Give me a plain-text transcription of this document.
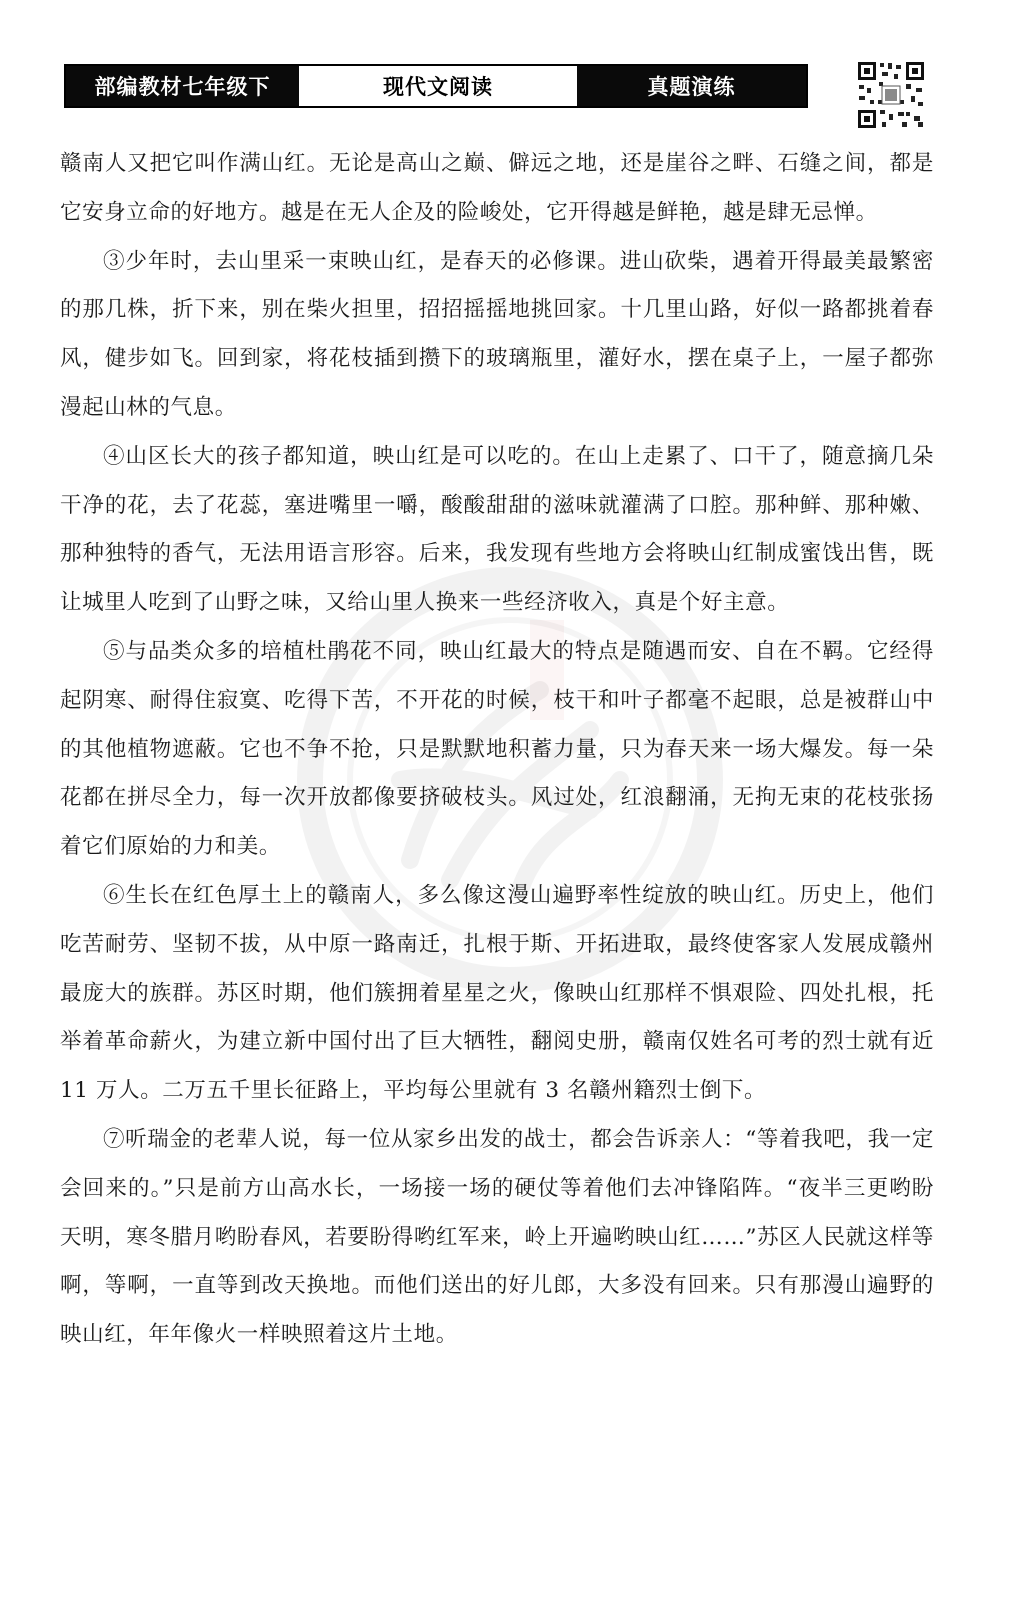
部编教材七年级下	现代文阅读	真题演练

赣南人又把它叫作满山红。无论是高山之巅、僻远之地，还是崖谷之畔、石缝之间，都是它安身立命的好地方。越是在无人企及的险峻处，它开得越是鲜艳，越是肆无忌惮。

③少年时，去山里采一束映山红，是春天的必修课。进山砍柴，遇着开得最美最繁密的那几株，折下来，别在柴火担里，招招摇摇地挑回家。十几里山路，好似一路都挑着春风，健步如飞。回到家，将花枝插到攒下的玻璃瓶里，灌好水，摆在桌子上，一屋子都弥漫起山林的气息。

④山区长大的孩子都知道，映山红是可以吃的。在山上走累了、口干了，随意摘几朵干净的花，去了花蕊，塞进嘴里一嚼，酸酸甜甜的滋味就灌满了口腔。那种鲜、那种嫩、那种独特的香气，无法用语言形容。后来，我发现有些地方会将映山红制成蜜饯出售，既让城里人吃到了山野之味，又给山里人换来一些经济收入，真是个好主意。

⑤与品类众多的培植杜鹃花不同，映山红最大的特点是随遇而安、自在不羁。它经得起阴寒、耐得住寂寞、吃得下苦，不开花的时候，枝干和叶子都毫不起眼，总是被群山中的其他植物遮蔽。它也不争不抢，只是默默地积蓄力量，只为春天来一场大爆发。每一朵花都在拼尽全力，每一次开放都像要挤破枝头。风过处，红浪翻涌，无拘无束的花枝张扬着它们原始的力和美。

⑥生长在红色厚土上的赣南人，多么像这漫山遍野率性绽放的映山红。历史上，他们吃苦耐劳、坚韧不拔，从中原一路南迁，扎根于斯、开拓进取，最终使客家人发展成赣州最庞大的族群。苏区时期，他们簇拥着星星之火，像映山红那样不惧艰险、四处扎根，托举着革命薪火，为建立新中国付出了巨大牺牲，翻阅史册，赣南仅姓名可考的烈士就有近 11 万人。二万五千里长征路上，平均每公里就有 3 名赣州籍烈士倒下。

⑦听瑞金的老辈人说，每一位从家乡出发的战士，都会告诉亲人：“等着我吧，我一定会回来的。”只是前方山高水长，一场接一场的硬仗等着他们去冲锋陷阵。“夜半三更哟盼天明，寒冬腊月哟盼春风，若要盼得哟红军来，岭上开遍哟映山红……”苏区人民就这样等啊，等啊，一直等到改天换地。而他们送出的好儿郎，大多没有回来。只有那漫山遍野的映山红，年年像火一样映照着这片土地。
